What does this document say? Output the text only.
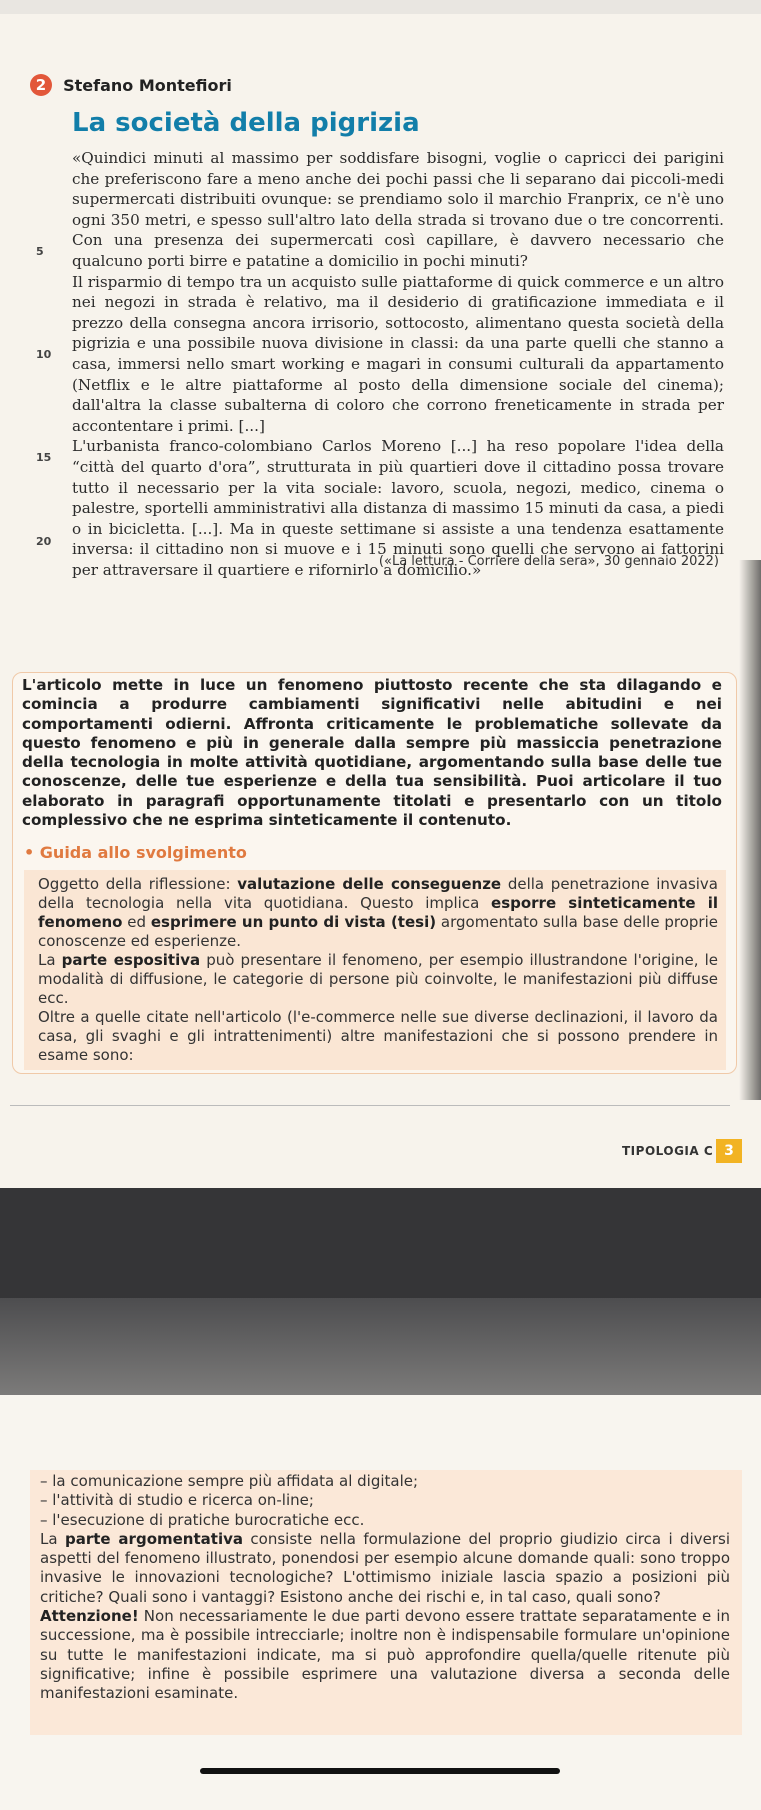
2 Stefano Montefiori
La società della pigrizia
5
10
15
20

«Quindici minuti al massimo per soddisfare bisogni, voglie o capricci dei parigini che preferiscono fare a meno anche dei pochi passi che li separano dai piccoli-medi supermercati distribuiti ovunque: se prendiamo solo il marchio Franprix, ce n'è uno ogni 350 metri, e spesso sull'altro lato della strada si trovano due o tre concorrenti. Con una presenza dei supermercati così capillare, è davvero necessario che qualcuno porti birre e patatine a domicilio in pochi minuti?

Il risparmio di tempo tra un acquisto sulle piattaforme di quick commerce e un altro nei negozi in strada è relativo, ma il desiderio di gratificazione immediata e il prezzo della consegna ancora irrisorio, sottocosto, alimentano questa società della pigrizia e una possibile nuova divisione in classi: da una parte quelli che stanno a casa, immersi nello smart working e magari in consumi culturali da appartamento (Netflix e le altre piattaforme al posto della dimensione sociale del cinema); dall'altra la classe subalterna di coloro che corrono freneticamente in strada per accontentare i primi. [...]

L'urbanista franco-colombiano Carlos Moreno [...] ha reso popolare l'idea della “città del quarto d'ora”, strutturata in più quartieri dove il cittadino possa trovare tutto il necessario per la vita sociale: lavoro, scuola, negozi, medico, cinema o palestre, sportelli amministrativi alla distanza di massimo 15 minuti da casa, a piedi o in bicicletta. [...]. Ma in queste settimane si assiste a una tendenza esattamente inversa: il cittadino non si muove e i 15 minuti sono quelli che servono ai fattorini per attraversare il quartiere e rifornirlo a domicilio.»

(«La lettura - Corriere della sera», 30 gennaio 2022)
L'articolo mette in luce un fenomeno piuttosto recente che sta dilagando e comincia a produrre cambiamenti significativi nelle abitudini e nei comportamenti odierni. Affronta criticamente le problematiche sollevate da questo fenomeno e più in generale dalla sempre più massiccia penetrazione della tecnologia in molte attività quotidiane, argomentando sulla base delle tue conoscenze, delle tue esperienze e della tua sensibilità. Puoi articolare il tuo elaborato in paragrafi opportunamente titolati e presentarlo con un titolo complessivo che ne esprima sinteticamente il contenuto.
• Guida allo svolgimento

Oggetto della riflessione: valutazione delle conseguenze della penetrazione invasiva della tecnologia nella vita quotidiana. Questo implica esporre sinteticamente il fenomeno ed esprimere un punto di vista (tesi) argomentato sulla base delle proprie conoscenze ed esperienze.

La parte espositiva può presentare il fenomeno, per esempio illustrandone l'origine, le modalità di diffusione, le categorie di persone più coinvolte, le manifestazioni più diffuse ecc.

Oltre a quelle citate nell'articolo (l'e-commerce nelle sue diverse declinazioni, il lavoro da casa, gli svaghi e gli intrattenimenti) altre manifestazioni che si possono prendere in esame sono:

TIPOLOGIA C 3

– la comunicazione sempre più affidata al digitale;

– l'attività di studio e ricerca on-line;

– l'esecuzione di pratiche burocratiche ecc.

La parte argomentativa consiste nella formulazione del proprio giudizio circa i diversi aspetti del fenomeno illustrato, ponendosi per esempio alcune domande quali: sono troppo invasive le innovazioni tecnologiche? L'ottimismo iniziale lascia spazio a posizioni più critiche? Quali sono i vantaggi? Esistono anche dei rischi e, in tal caso, quali sono?

Attenzione! Non necessariamente le due parti devono essere trattate separatamente e in successione, ma è possibile intrecciarle; inoltre non è indispensabile formulare un'opinione su tutte le manifestazioni indicate, ma si può approfondire quella/quelle ritenute più significative; infine è possibile esprimere una valutazione diversa a seconda delle manifestazioni esaminate.
